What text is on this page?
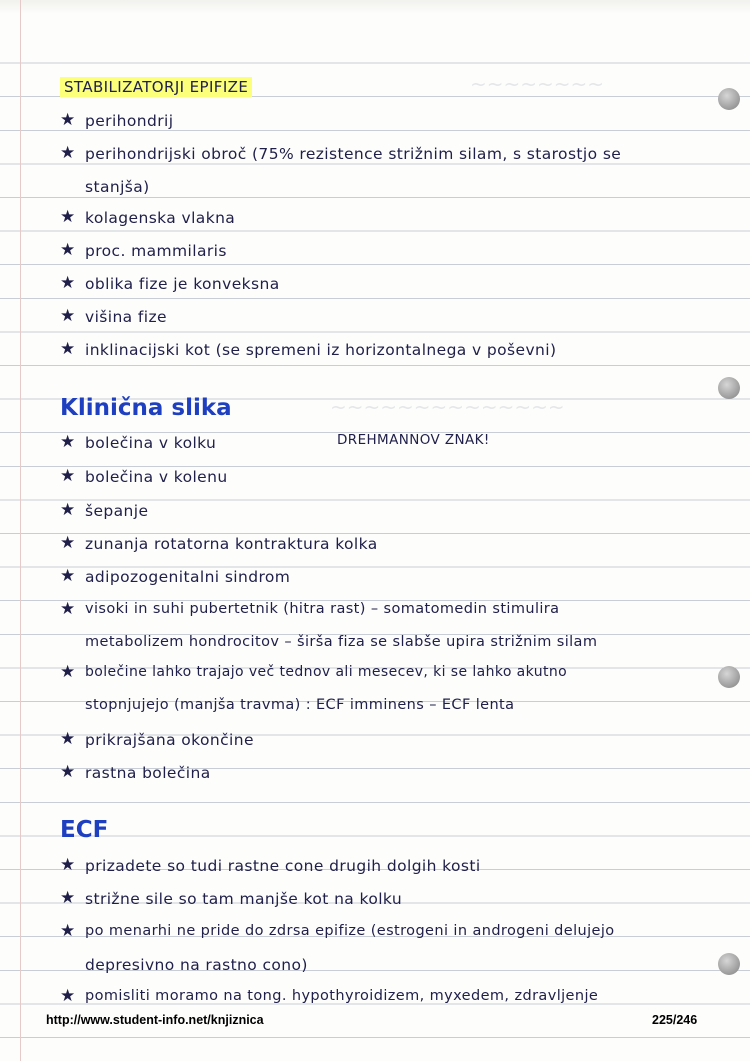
~~~~~~~~
~~~~~~~~~~~~~~
STABILIZATORJI EPIFIZE
★ perihondrij
★ perihondrijski obroč (75% rezistence strižnim silam, s starostjo se
stanjša)
★ kolagenska vlakna
★ proc. mammilaris
★ oblika fize je konveksna
★ višina fize
★ inklinacijski kot (se spremeni iz horizontalnega v poševni)
Klinična slika
★ bolečina v kolku	DREHMANNOV ZNAK!
★ bolečina v kolenu
★ šepanje
★ zunanja rotatorna kontraktura kolka
★ adipozogenitalni sindrom
★ visoki in suhi pubertetnik (hitra rast) – somatomedin stimulira
metabolizem hondrocitov – širša fiza se slabše upira strižnim silam
★ bolečine lahko trajajo več tednov ali mesecev, ki se lahko akutno
stopnjujejo (manjša travma) : ECF imminens – ECF lenta
★ prikrajšana okončine
★ rastna bolečina
ECF
★ prizadete so tudi rastne cone drugih dolgih kosti
★ strižne sile so tam manjše kot na kolku
★ po menarhi ne pride do zdrsa epifize (estrogeni in androgeni delujejo
depresivno na rastno cono)
★ pomisliti moramo na tong. hypothyroidizem, myxedem, zdravljenje
http://www.student-info.net/knjiznica	225/246
